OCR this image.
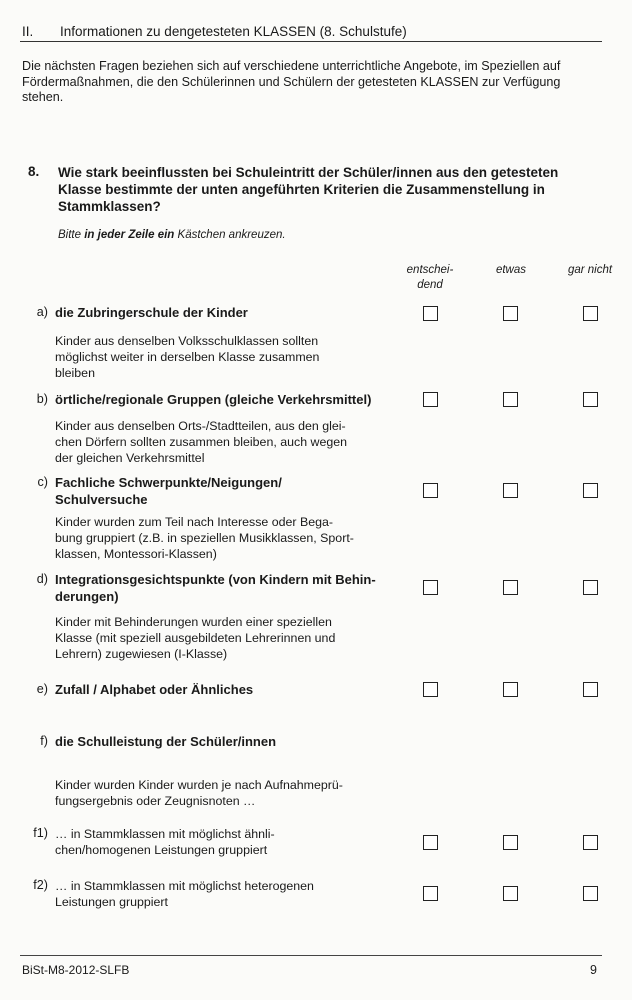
II. Informationen zu dengetesteten KLASSEN (8. Schulstufe)
Die nächsten Fragen beziehen sich auf verschiedene unterrichtliche Angebote, im Speziellen auf Fördermaßnahmen, die den Schülerinnen und Schülern der getesteten KLASSEN zur Verfügung stehen.
8. Wie stark beeinflussten bei Schuleintritt der Schüler/innen aus den getesteten Klasse bestimmte der unten angeführten Kriterien die Zusammenstellung in Stammklassen?
Bitte in jeder Zeile ein Kästchen ankreuzen.
entschei-
dend
etwas	gar nicht
a) die Zubringerschule der Kinder
Kinder aus denselben Volksschulklassen sollten
möglichst weiter in derselben Klasse zusammen
bleiben
b) örtliche/regionale Gruppen (gleiche Verkehrsmittel)
Kinder aus denselben Orts-/Stadtteilen, aus den glei-
chen Dörfern sollten zusammen bleiben, auch wegen
der gleichen Verkehrsmittel
c) Fachliche Schwerpunkte/Neigungen/
Schulversuche
Kinder wurden zum Teil nach Interesse oder Bega-
bung gruppiert (z.B. in speziellen Musikklassen, Sport-
klassen, Montessori-Klassen)
d) Integrationsgesichtspunkte (von Kindern mit Behin-
derungen)
Kinder mit Behinderungen wurden einer speziellen
Klasse (mit speziell ausgebildeten Lehrerinnen und
Lehrern) zugewiesen (I-Klasse)
e) Zufall / Alphabet oder Ähnliches
f) die Schulleistung der Schüler/innen
Kinder wurden Kinder wurden je nach Aufnahmeprü-
fungsergebnis oder Zeugnisnoten …
f1) … in Stammklassen mit möglichst ähnli-
chen/homogenen Leistungen gruppiert
f2) … in Stammklassen mit möglichst heterogenen
Leistungen gruppiert
BiSt-M8-2012-SLFB	9
